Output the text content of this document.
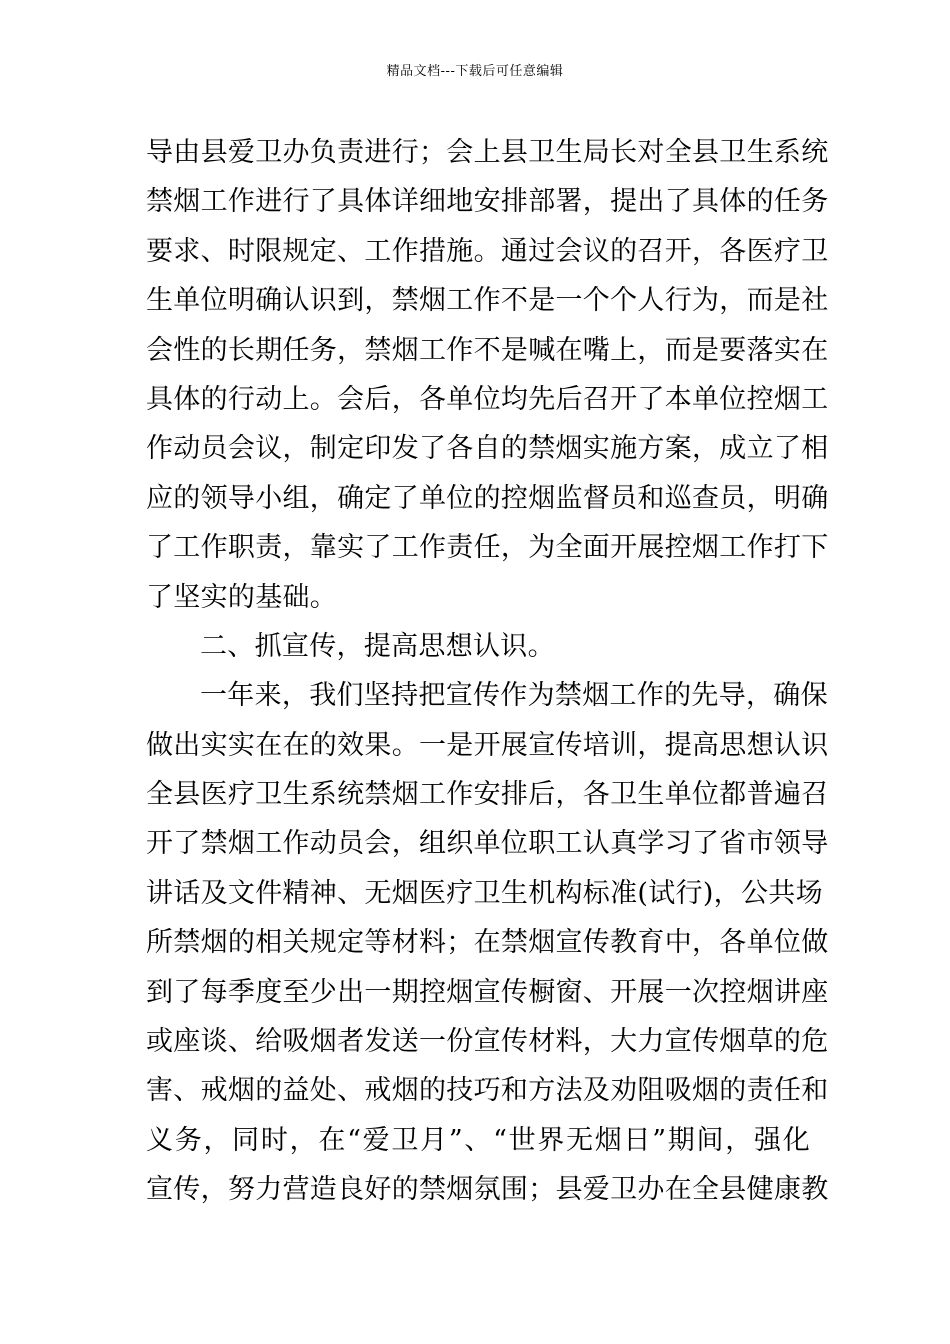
精品文档---下载后可任意编辑
导由县爱卫办负责进行；会上县卫生局长对全县卫生系统
禁烟工作进行了具体详细地安排部署，提出了具体的任务
要求、时限规定、工作措施。通过会议的召开，各医疗卫
生单位明确认识到，禁烟工作不是一个个人行为，而是社
会性的长期任务，禁烟工作不是喊在嘴上，而是要落实在
具体的行动上。会后，各单位均先后召开了本单位控烟工
作动员会议，制定印发了各自的禁烟实施方案，成立了相
应的领导小组，确定了单位的控烟监督员和巡查员，明确
了工作职责，靠实了工作责任，为全面开展控烟工作打下
了坚实的基础。
二、抓宣传，提高思想认识。
一年来，我们坚持把宣传作为禁烟工作的先导，确保
做出实实在在的效果。一是开展宣传培训，提高思想认识
全县医疗卫生系统禁烟工作安排后，各卫生单位都普遍召
开了禁烟工作动员会，组织单位职工认真学习了省市领导
讲话及文件精神、无烟医疗卫生机构标准(试行)，公共场
所禁烟的相关规定等材料；在禁烟宣传教育中，各单位做
到了每季度至少出一期控烟宣传橱窗、开展一次控烟讲座
或座谈、给吸烟者发送一份宣传材料，大力宣传烟草的危
害、戒烟的益处、戒烟的技巧和方法及劝阻吸烟的责任和
义务，同时，在“爱卫月”、“世界无烟日”期间，强化
宣传，努力营造良好的禁烟氛围；县爱卫办在全县健康教
